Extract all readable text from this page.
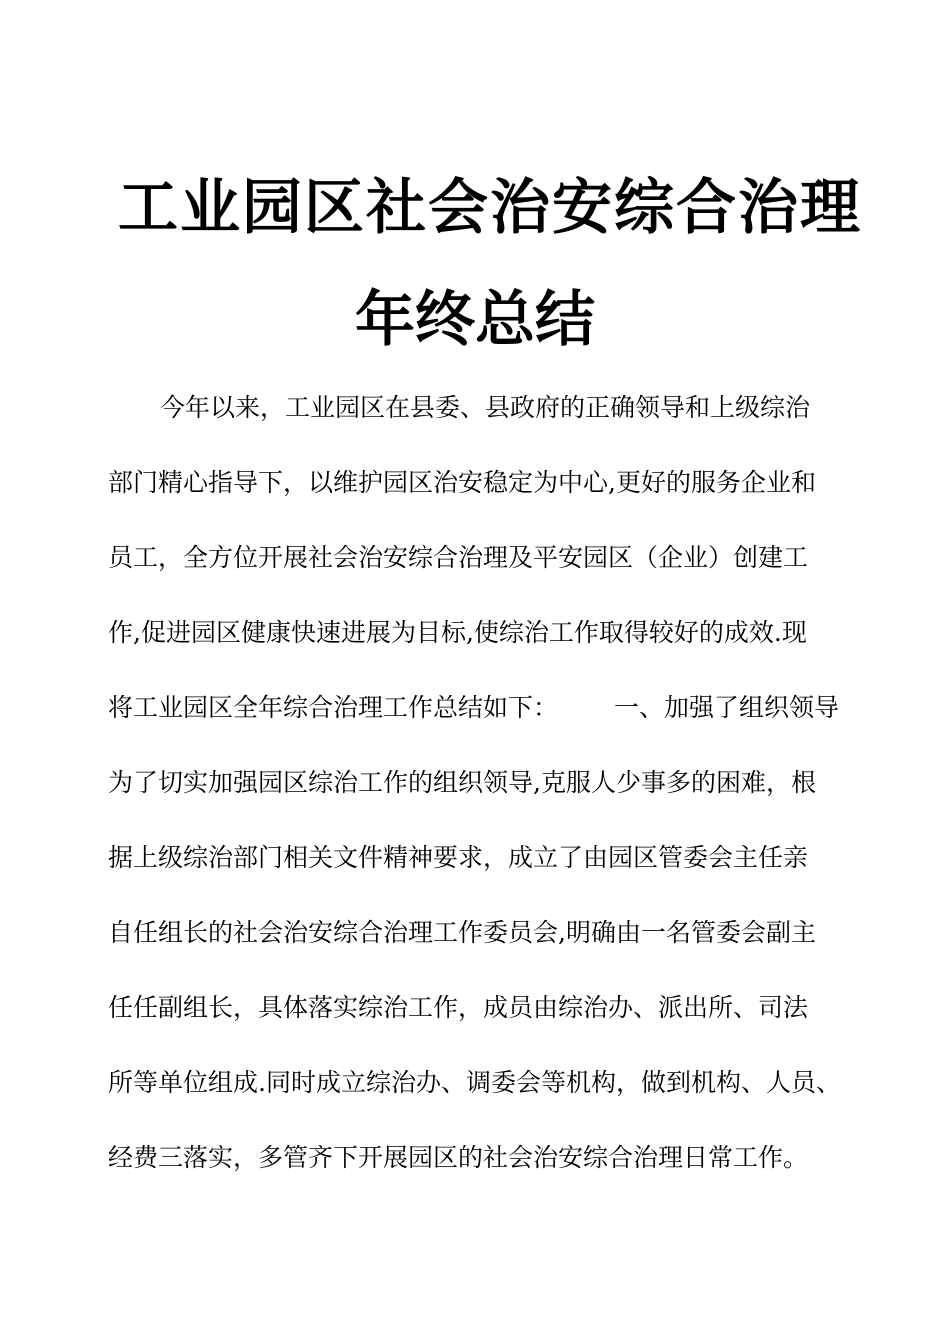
工业园区社会治安综合治理
年终总结
今年以来，工业园区在县委、县政府的正确领导和上级综治
部门精心指导下，以维护园区治安稳定为中心,更好的服务企业和
员工，全方位开展社会治安综合治理及平安园区（企业）创建工
作,促进园区健康快速进展为目标,使综治工作取得较好的成效.现
将工业园区全年综合治理工作总结如下： 一、加强了组织领导
为了切实加强园区综治工作的组织领导,克服人少事多的困难，根
据上级综治部门相关文件精神要求，成立了由园区管委会主任亲
自任组长的社会治安综合治理工作委员会,明确由一名管委会副主
任任副组长，具体落实综治工作，成员由综治办、派出所、司法
所等单位组成.同时成立综治办、调委会等机构，做到机构、人员、
经费三落实，多管齐下开展园区的社会治安综合治理日常工作。
